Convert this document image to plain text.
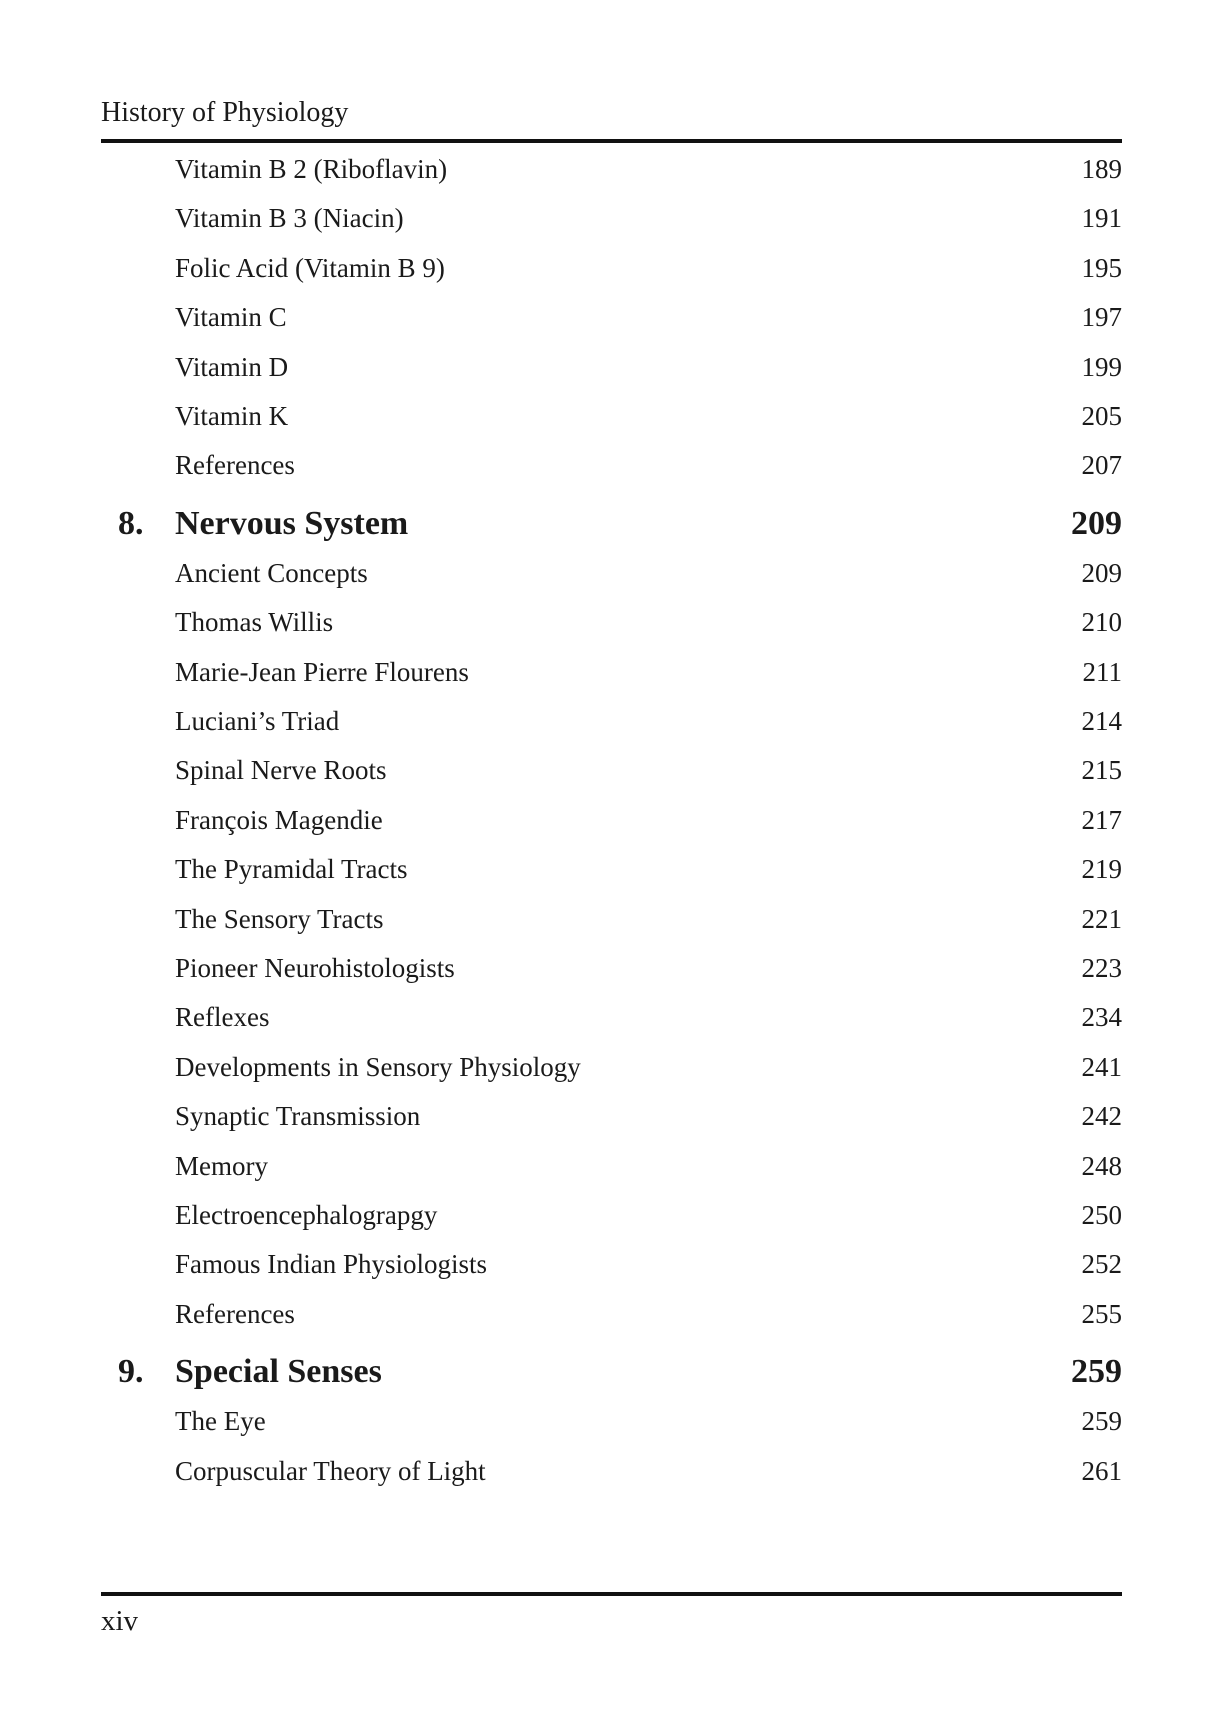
History of Physiology
Vitamin B 2 (Riboflavin)	189
Vitamin B 3 (Niacin)	191
Folic Acid (Vitamin B 9)	195
Vitamin C	197
Vitamin D	199
Vitamin K	205
References	207
8. Nervous System	209
Ancient Concepts	209
Thomas Willis	210
Marie-Jean Pierre Flourens	211
Luciani’s Triad	214
Spinal Nerve Roots	215
François Magendie	217
The Pyramidal Tracts	219
The Sensory Tracts	221
Pioneer Neurohistologists	223
Reflexes	234
Developments in Sensory Physiology	241
Synaptic Transmission	242
Memory	248
Electroencephalograpgy	250
Famous Indian Physiologists	252
References	255
9. Special Senses	259
The Eye	259
Corpuscular Theory of Light	261
xiv
